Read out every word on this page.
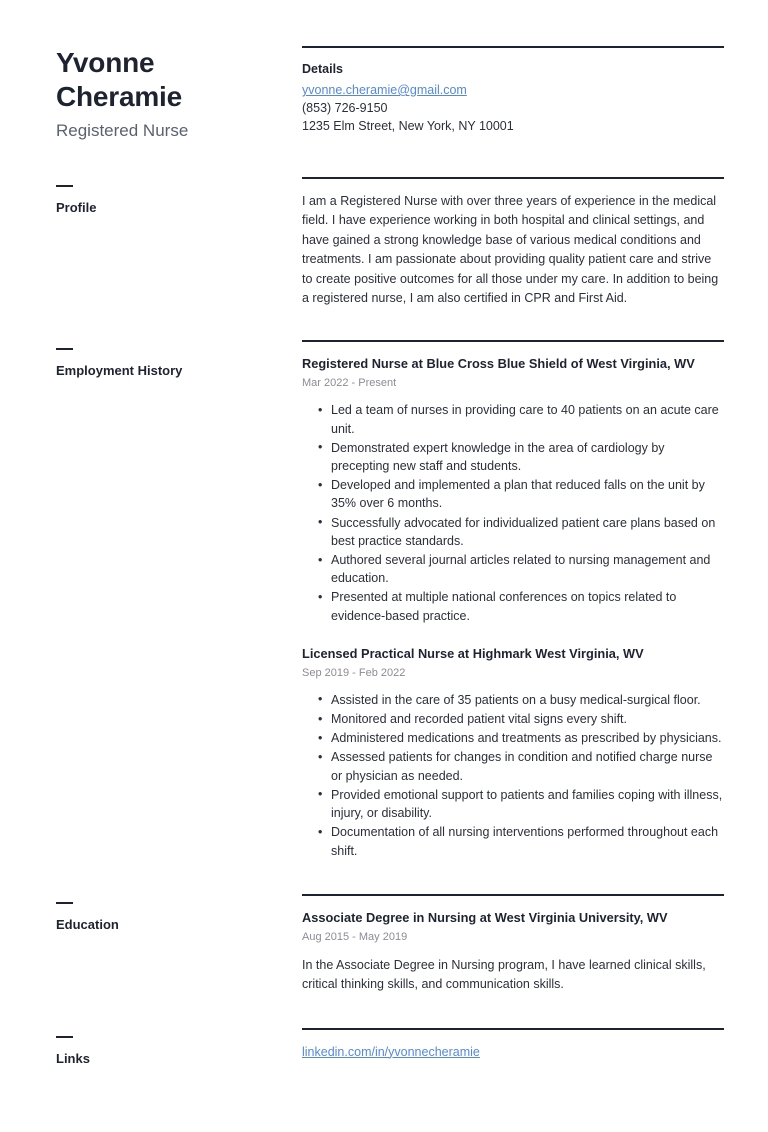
Yvonne Cheramie

Registered Nurse

Details

yvonne.cheramie@gmail.com

(853) 726-9150

1235 Elm Street, New York, NY 10001

Profile	I am a Registered Nurse with over three years of experience in the medical field. I have experience working in both hospital and clinical settings, and have gained a strong knowledge base of various medical conditions and treatments. I am passionate about providing quality patient care and strive to create positive outcomes for all those under my care. In addition to being a registered nurse, I am also certified in CPR and First Aid.

Employment History	Registered Nurse at Blue Cross Blue Shield of West Virginia, WV

Mar 2022 - Present

• Led a team of nurses in providing care to 40 patients on an acute care unit.
• Demonstrated expert knowledge in the area of cardiology by precepting new staff and students.
• Developed and implemented a plan that reduced falls on the unit by 35% over 6 months.
• Successfully advocated for individualized patient care plans based on best practice standards.
• Authored several journal articles related to nursing management and education.
• Presented at multiple national conferences on topics related to evidence-based practice.

Licensed Practical Nurse at Highmark West Virginia, WV

Sep 2019 - Feb 2022

• Assisted in the care of 35 patients on a busy medical-surgical floor.
• Monitored and recorded patient vital signs every shift.
• Administered medications and treatments as prescribed by physicians.
• Assessed patients for changes in condition and notified charge nurse or physician as needed.
• Provided emotional support to patients and families coping with illness, injury, or disability.
• Documentation of all nursing interventions performed throughout each shift.

Education	Associate Degree in Nursing at West Virginia University, WV

Aug 2015 - May 2019

In the Associate Degree in Nursing program, I have learned clinical skills, critical thinking skills, and communication skills.

Links	linkedin.com/in/yvonnecheramie
